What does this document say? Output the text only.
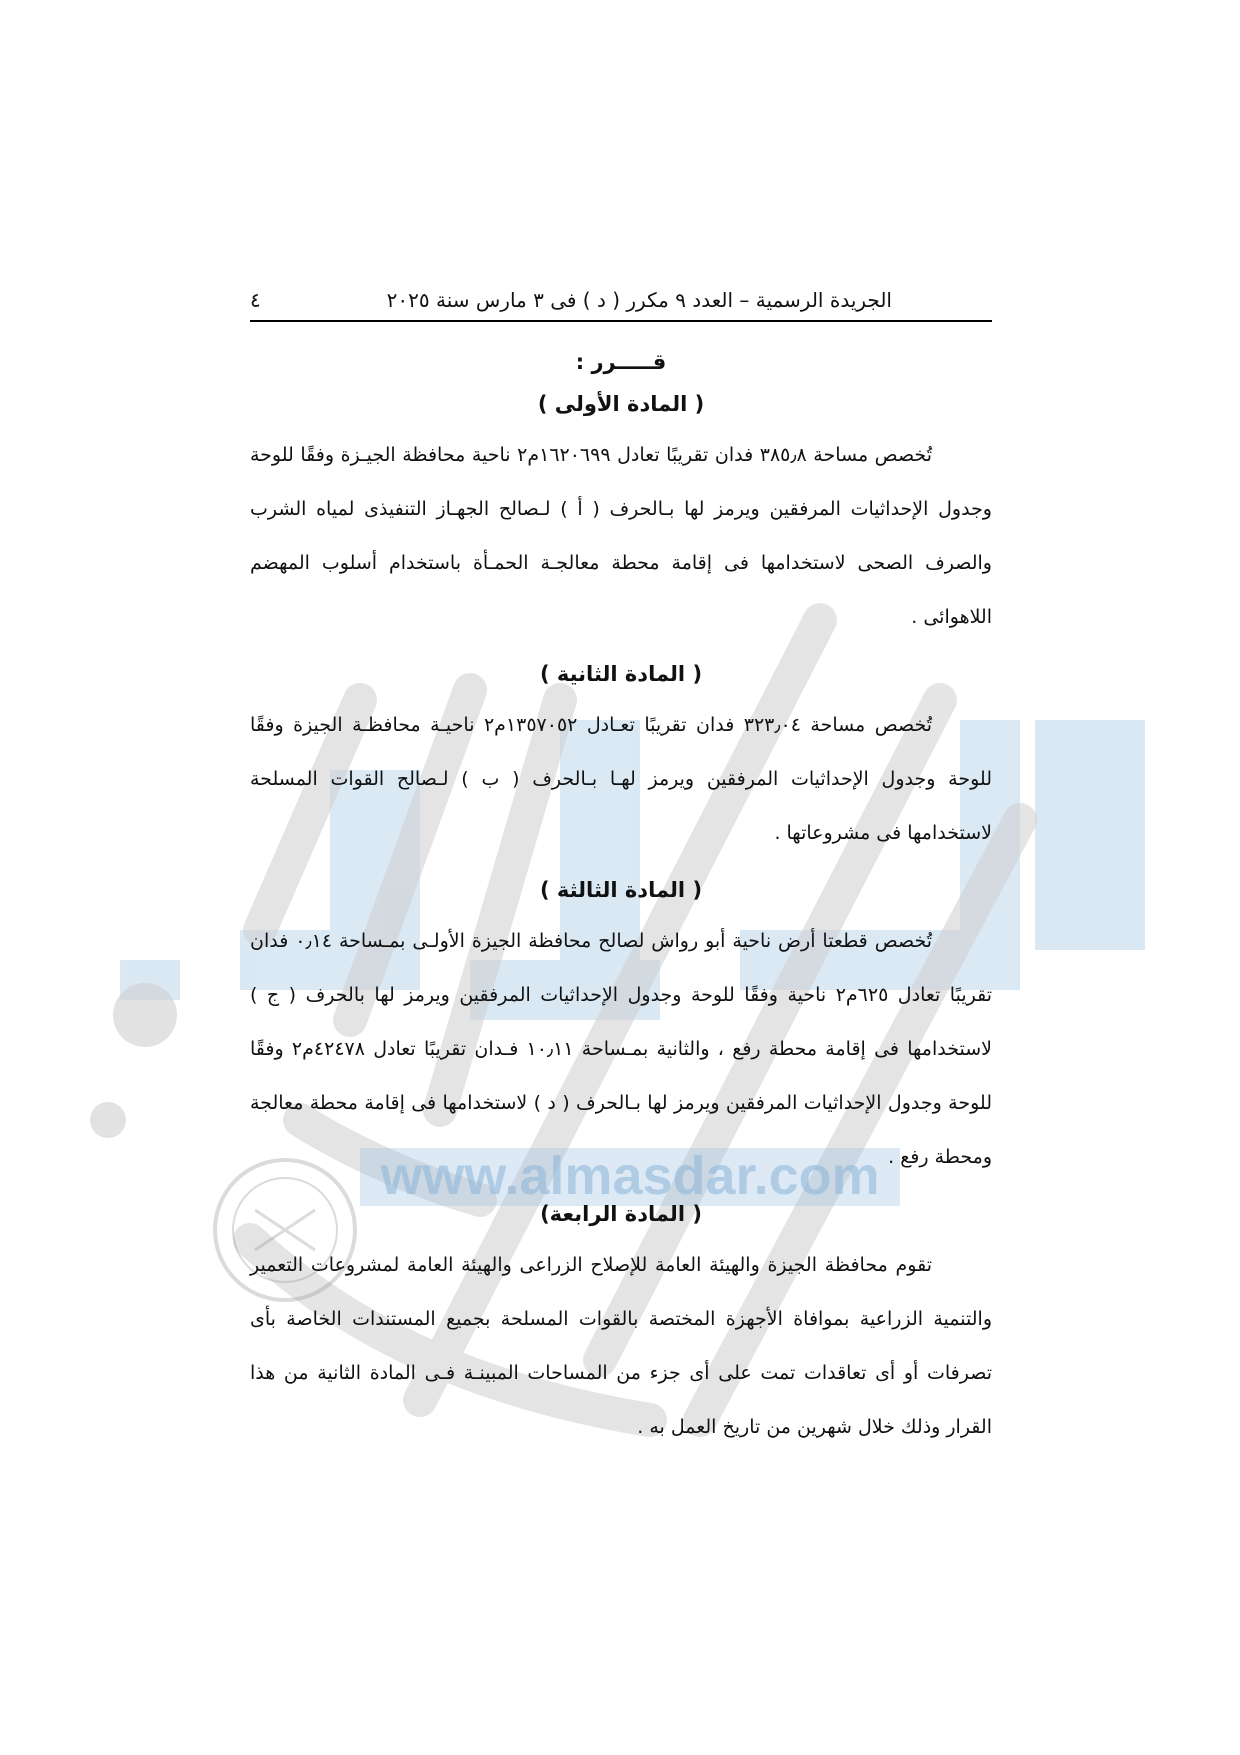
www.almasdar.com
٤	الجريدة الرسمية – العدد ٩ مكرر ( د ) فى ٣ مارس سنة ٢٠٢٥
قـــــرر :
( المادة الأولى )

تُخصص مساحة ٣٨٥٫٨ فدان تقريبًا تعادل ١٦٢٠٦٩٩م٢ ناحية محافظة الجيـزة وفقًا للوحة وجدول الإحداثيات المرفقين ويرمز لها بـالحرف ( أ ) لـصالح الجهـاز التنفيذى لمياه الشرب والصرف الصحى لاستخدامها فى إقامة محطة معالجـة الحمـأة باستخدام أسلوب المهضم اللاهوائى .

( المادة الثانية )

تُخصص مساحة ٣٢٣٫٠٤ فدان تقريبًا تعـادل ١٣٥٧٠٥٢م٢ ناحيـة محافظـة الجيزة وفقًا للوحة وجدول الإحداثيات المرفقين ويرمز لهـا بـالحرف ( ب ) لـصالح القوات المسلحة لاستخدامها فى مشروعاتها .

( المادة الثالثة )

تُخصص قطعتا أرض ناحية أبو رواش لصالح محافظة الجيزة الأولـى بمـساحة ٠٫١٤ فدان تقريبًا تعادل ٦٢٥م٢ ناحية وفقًا للوحة وجدول الإحداثيات المرفقين ويرمز لها بالحرف ( ج ) لاستخدامها فى إقامة محطة رفع ، والثانية بمـساحة ١٠٫١١ فـدان تقريبًا تعادل ٤٢٤٧٨م٢ وفقًا للوحة وجدول الإحداثيات المرفقين ويرمز لها بـالحرف ( د ) لاستخدامها فى إقامة محطة معالجة ومحطة رفع .

( المادة الرابعة)

تقوم محافظة الجيزة والهيئة العامة للإصلاح الزراعى والهيئة العامة لمشروعات التعمير والتنمية الزراعية بموافاة الأجهزة المختصة بالقوات المسلحة بجميع المستندات الخاصة بأى تصرفات أو أى تعاقدات تمت على أى جزء من المساحات المبينـة فـى المادة الثانية من هذا القرار وذلك خلال شهرين من تاريخ العمل به .
